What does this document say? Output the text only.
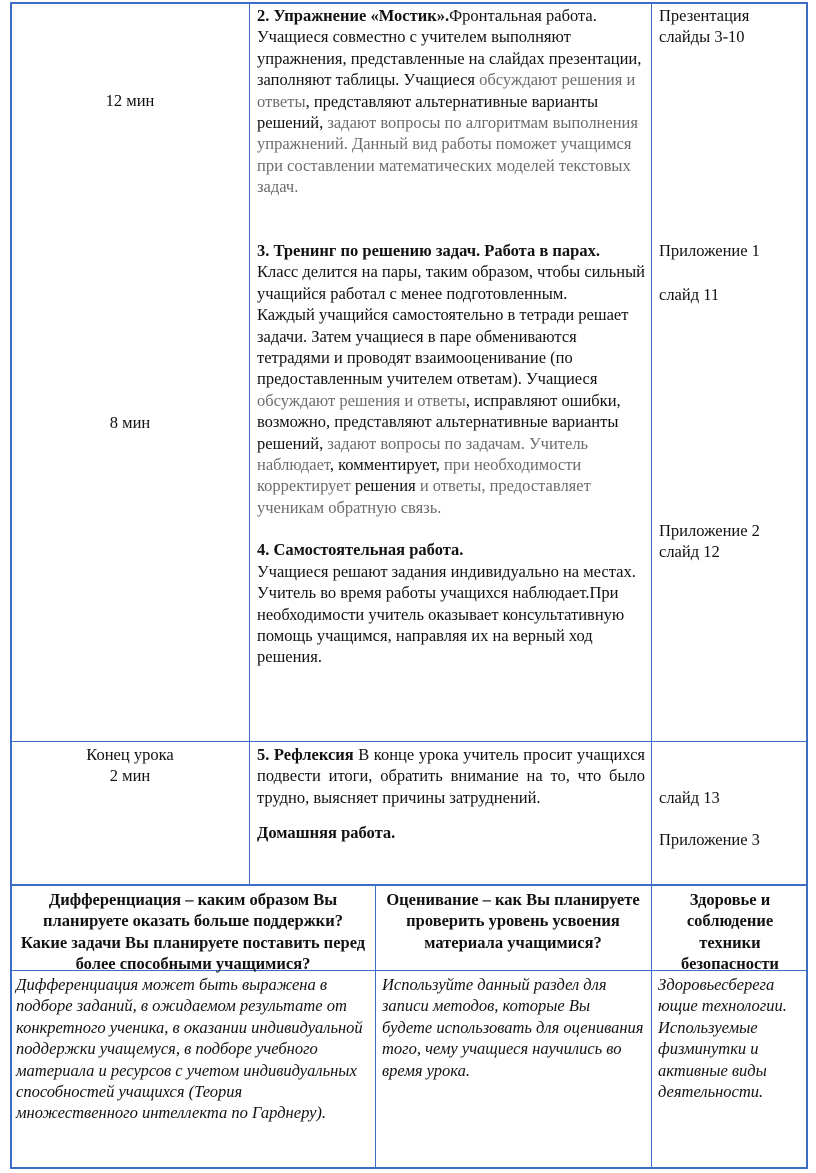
12 мин

2. Упражнение «Мостик».Фронтальная работа. Учащиеся совместно с учителем выполняют упражнения, представленные на слайдах презентации, заполняют таблицы. Учащиеся обсуждают решения и ответы, представляют альтернативные варианты решений, задают вопросы по алгоритмам выполнения упражнений. Данный вид работы поможет учащимся при составлении математических моделей текстовых задач.

Презентация слайды 3-10
8 мин

3. Тренинг по решению задач. Работа в парах.

Класс делится на пары, таким образом, чтобы сильный учащийся работал с менее подготовленным.

Каждый учащийся самостоятельно в тетради решает задачи. Затем учащиеся в паре обмениваются тетрадями и проводят взаимооценивание (по предоставленным учителем ответам). Учащиеся обсуждают решения и ответы, исправляют ошибки, возможно, представляют альтернативные варианты решений, задают вопросы по задачам. Учитель наблюдает, комментирует, при необходимости корректирует решения и ответы, предоставляет ученикам обратную связь.

4. Самостоятельная работа.

Учащиеся решают задания индивидуально на местах. Учитель во время работы учащихся наблюдает.При необходимости учитель оказывает консультативную помощь учащимся, направляя их на верный ход решения.

Приложение 1
слайд 11
Приложение 2 слайд 12

Конец урока

2 мин

5. Рефлексия В конце урока учитель просит учащихся подвести итоги, обратить внимание на то, что было трудно, выясняет причины затруднений.

Домашняя работа.

слайд 13
Приложение 3
Дифференциация – каким образом Вы планируете оказать больше поддержки? Какие задачи Вы планируете поставить перед более способными учащимися?
Оценивание – как Вы планируете проверить уровень усвоения материала учащимися?
Здоровье и соблюдение техники безопасности
Дифференциация может быть выражена в подборе заданий, в ожидаемом результате от конкретного ученика, в оказании индивидуальной поддержки учащемуся, в подборе учебного материала и ресурсов с учетом индивидуальных способностей учащихся (Теория множественного интеллекта по Гарднеру).
Используйте данный раздел для записи методов, которые Вы будете использовать для оценивания того, чему учащиеся научились во время урока.
Здоровьесберега ющие технологии. Используемые физминутки и активные виды деятельности.
